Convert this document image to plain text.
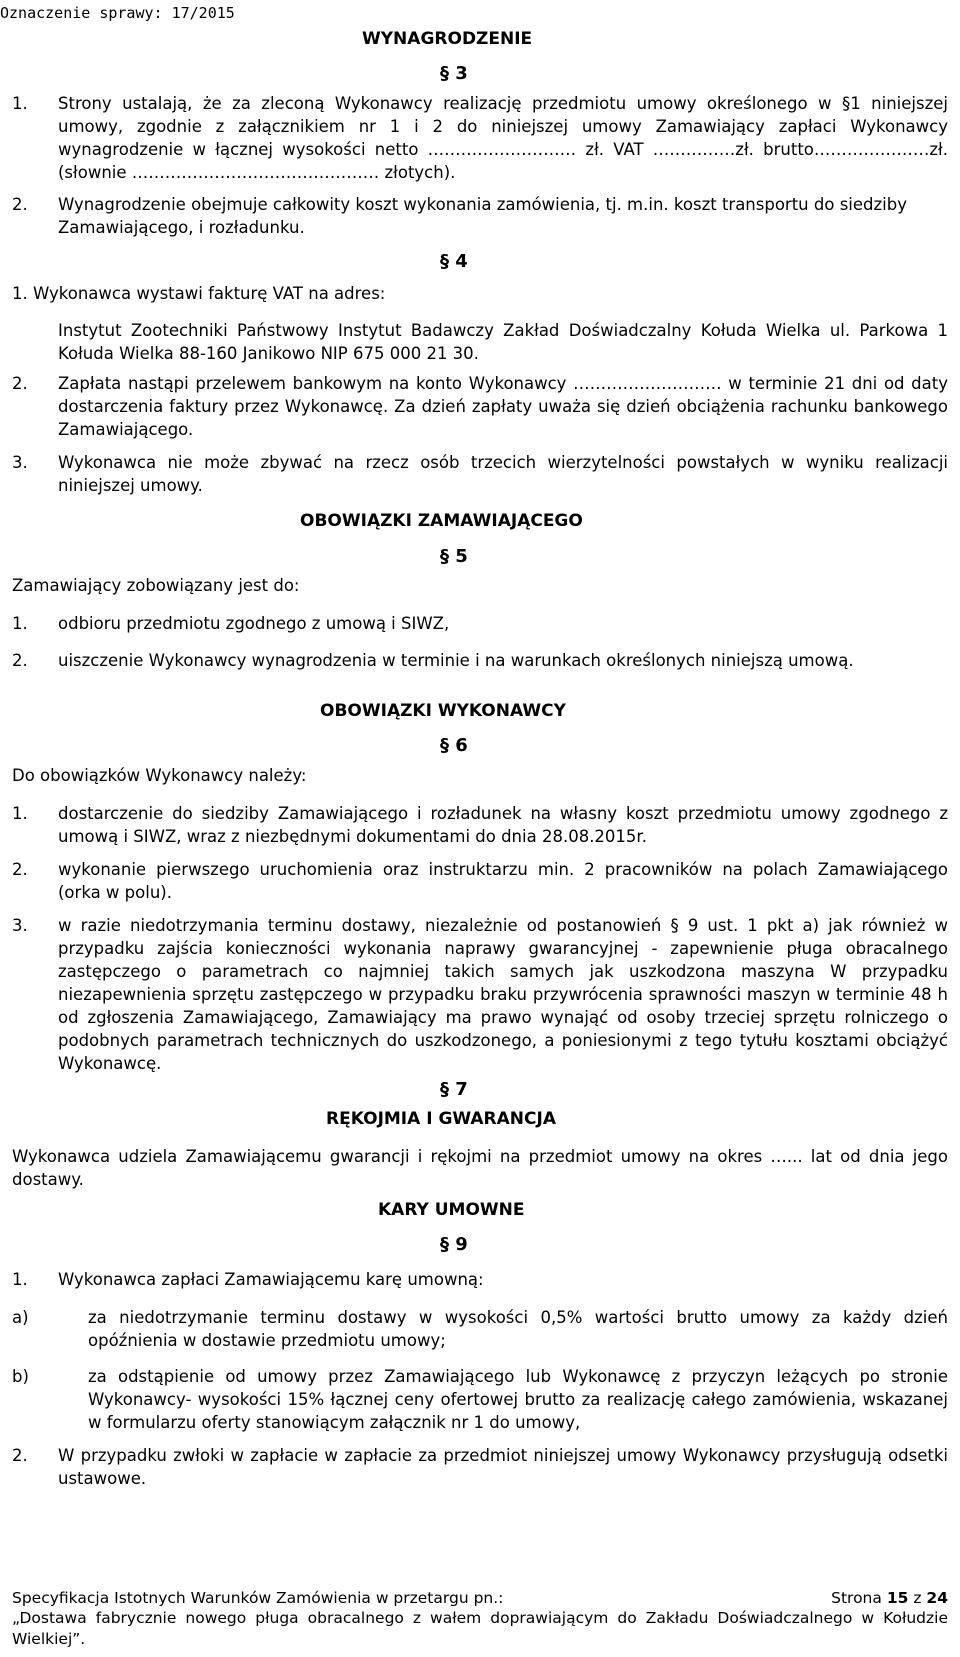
Oznaczenie sprawy: 17/2015
WYNAGRODZENIE
§ 3
1. Strony ustalają, że za zleconą Wykonawcy realizację przedmiotu umowy określonego w §1 niniejszej umowy, zgodnie z załącznikiem nr 1 i 2 do niniejszej umowy Zamawiający zapłaci Wykonawcy wynagrodzenie w łącznej wysokości netto ……………………… zł. VAT ……………zł. brutto…………………zł. (słownie ……………………………………… złotych).
2. Wynagrodzenie obejmuje całkowity koszt wykonania zamówienia, tj. m.in. koszt transportu do siedziby Zamawiającego, i rozładunku.
§ 4
1. Wykonawca wystawi fakturę VAT na adres:
Instytut Zootechniki Państwowy Instytut Badawczy Zakład Doświadczalny Kołuda Wielka ul. Parkowa 1 Kołuda Wielka 88-160 Janikowo NIP 675 000 21 30.
2. Zapłata nastąpi przelewem bankowym na konto Wykonawcy ……………………… w terminie 21 dni od daty dostarczenia faktury przez Wykonawcę. Za dzień zapłaty uważa się dzień obciążenia rachunku bankowego Zamawiającego.
3. Wykonawca nie może zbywać na rzecz osób trzecich wierzytelności powstałych w wyniku realizacji niniejszej umowy.
OBOWIĄZKI ZAMAWIAJĄCEGO
§ 5
Zamawiający zobowiązany jest do:
1. odbioru przedmiotu zgodnego z umową i SIWZ,
2. uiszczenie Wykonawcy wynagrodzenia w terminie i na warunkach określonych niniejszą umową.
OBOWIĄZKI WYKONAWCY
§ 6
Do obowiązków Wykonawcy należy:
1. dostarczenie do siedziby Zamawiającego i rozładunek na własny koszt przedmiotu umowy zgodnego z umową i SIWZ, wraz z niezbędnymi dokumentami do dnia 28.08.2015r.
2. wykonanie pierwszego uruchomienia oraz instruktarzu min. 2 pracowników na polach Zamawiającego (orka w polu).
3. w razie niedotrzymania terminu dostawy, niezależnie od postanowień § 9 ust. 1 pkt a) jak również w przypadku zajścia konieczności wykonania naprawy gwarancyjnej - zapewnienie pługa obracalnego zastępczego o parametrach co najmniej takich samych jak uszkodzona maszyna W przypadku niezapewnienia sprzętu zastępczego w przypadku braku przywrócenia sprawności maszyn w terminie 48 h od zgłoszenia Zamawiającego, Zamawiający ma prawo wynająć od osoby trzeciej sprzętu rolniczego o podobnych parametrach technicznych do uszkodzonego, a poniesionymi z tego tytułu kosztami obciążyć Wykonawcę.
§ 7
RĘKOJMIA I GWARANCJA
Wykonawca udziela Zamawiającemu gwarancji i rękojmi na przedmiot umowy na okres …... lat od dnia jego dostawy.
KARY UMOWNE
§ 9
1. Wykonawca zapłaci Zamawiającemu karę umowną:
a)	za niedotrzymanie terminu dostawy w wysokości 0,5% wartości brutto umowy za każdy dzień opóźnienia w dostawie przedmiotu umowy;
b)	za odstąpienie od umowy przez Zamawiającego lub Wykonawcę z przyczyn leżących po stronie Wykonawcy- wysokości 15% łącznej ceny ofertowej brutto za realizację całego zamówienia, wskazanej w formularzu oferty stanowiącym załącznik nr 1 do umowy,
2. W przypadku zwłoki w zapłacie w zapłacie za przedmiot niniejszej umowy Wykonawcy przysługują odsetki ustawowe.
Specyfikacja Istotnych Warunków Zamówienia w przetargu pn.:	Strona 15 z 24
„Dostawa fabrycznie nowego pługa obracalnego z wałem doprawiającym do Zakładu Doświadczalnego w Kołudzie Wielkiej”.
